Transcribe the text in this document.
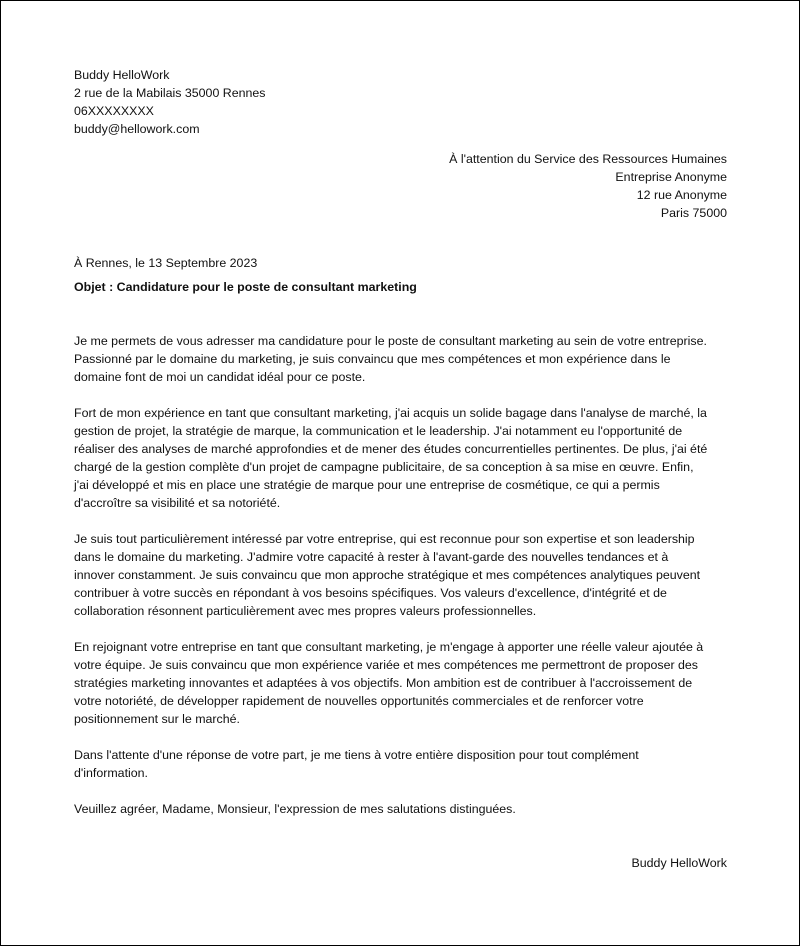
Buddy HelloWork
2 rue de la Mabilais 35000 Rennes
06XXXXXXXX
buddy@hellowork.com
À l'attention du Service des Ressources Humaines
Entreprise Anonyme
12 rue Anonyme
Paris 75000
À Rennes, le 13 Septembre 2023
Objet : Candidature pour le poste de consultant marketing

Je me permets de vous adresser ma candidature pour le poste de consultant marketing au sein de votre entreprise.
Passionné par le domaine du marketing, je suis convaincu que mes compétences et mon expérience dans le
domaine font de moi un candidat idéal pour ce poste.

Fort de mon expérience en tant que consultant marketing, j'ai acquis un solide bagage dans l'analyse de marché, la
gestion de projet, la stratégie de marque, la communication et le leadership. J'ai notamment eu l'opportunité de
réaliser des analyses de marché approfondies et de mener des études concurrentielles pertinentes. De plus, j'ai été
chargé de la gestion complète d'un projet de campagne publicitaire, de sa conception à sa mise en œuvre. Enfin,
j'ai développé et mis en place une stratégie de marque pour une entreprise de cosmétique, ce qui a permis
d'accroître sa visibilité et sa notoriété.

Je suis tout particulièrement intéressé par votre entreprise, qui est reconnue pour son expertise et son leadership
dans le domaine du marketing. J'admire votre capacité à rester à l'avant-garde des nouvelles tendances et à
innover constamment. Je suis convaincu que mon approche stratégique et mes compétences analytiques peuvent
contribuer à votre succès en répondant à vos besoins spécifiques. Vos valeurs d'excellence, d'intégrité et de
collaboration résonnent particulièrement avec mes propres valeurs professionnelles.

En rejoignant votre entreprise en tant que consultant marketing, je m'engage à apporter une réelle valeur ajoutée à
votre équipe. Je suis convaincu que mon expérience variée et mes compétences me permettront de proposer des
stratégies marketing innovantes et adaptées à vos objectifs. Mon ambition est de contribuer à l'accroissement de
votre notoriété, de développer rapidement de nouvelles opportunités commerciales et de renforcer votre
positionnement sur le marché.

Dans l'attente d'une réponse de votre part, je me tiens à votre entière disposition pour tout complément
d'information.

Veuillez agréer, Madame, Monsieur, l'expression de mes salutations distinguées.
Buddy HelloWork
